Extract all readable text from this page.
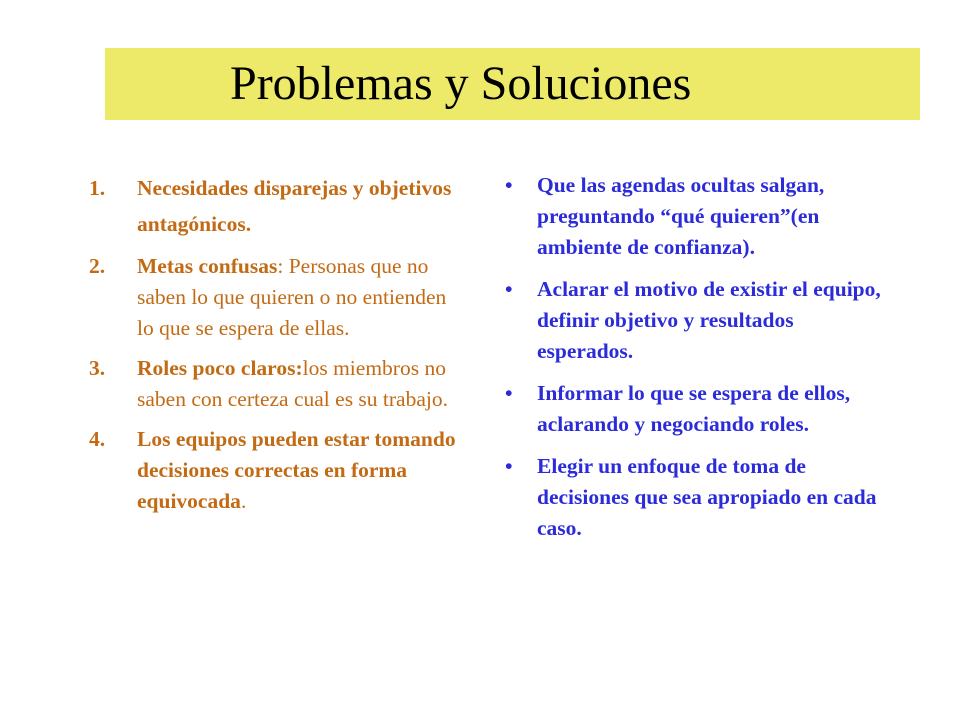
Problemas y Soluciones
1. Necesidades disparejas y objetivos antagónicos.
2. Metas confusas: Personas que no saben lo que quieren o no entienden lo que se espera de ellas.
3. Roles poco claros:los miembros no saben con certeza cual es su trabajo.
4. Los equipos pueden estar tomando decisiones correctas en forma equivocada.
• Que las agendas ocultas salgan, preguntando “qué quieren”(en ambiente de confianza).
• Aclarar el motivo de existir el equipo, definir objetivo y resultados esperados.
• Informar lo que se espera de ellos, aclarando y negociando roles.
• Elegir un enfoque de toma de decisiones que sea apropiado en cada caso.
